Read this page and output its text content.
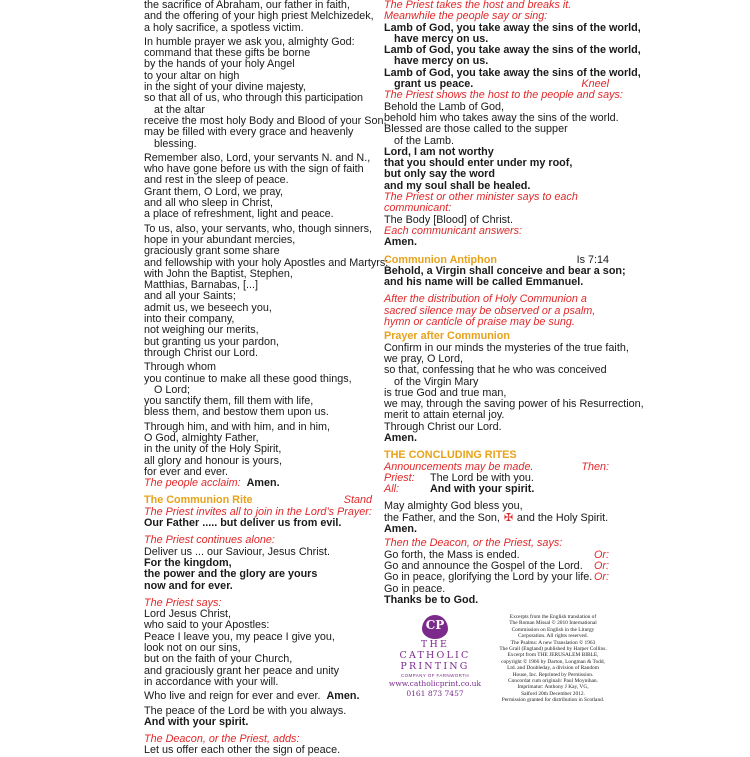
the sacrifice of Abraham, our father in faith,
and the offering of your high priest Melchizedek,
a holy sacrifice, a spotless victim.
In humble prayer we ask you, almighty God:
command that these gifts be borne
by the hands of your holy Angel
to your altar on high
in the sight of your divine majesty,
so that all of us, who through this participation
at the altar
receive the most holy Body and Blood of your Son,
may be filled with every grace and heavenly
blessing.
Remember also, Lord, your servants N. and N.,
who have gone before us with the sign of faith
and rest in the sleep of peace.
Grant them, O Lord, we pray,
and all who sleep in Christ,
a place of refreshment, light and peace.
To us, also, your servants, who, though sinners,
hope in your abundant mercies,
graciously grant some share
and fellowship with your holy Apostles and Martyrs:
with John the Baptist, Stephen,
Matthias, Barnabas, [...]
and all your Saints;
admit us, we beseech you,
into their company,
not weighing our merits,
but granting us your pardon,
through Christ our Lord.
Through whom
you continue to make all these good things,
O Lord;
you sanctify them, fill them with life,
bless them, and bestow them upon us.
Through him, and with him, and in him,
O God, almighty Father,
in the unity of the Holy Spirit,
all glory and honour is yours,
for ever and ever.
The people acclaim: Amen.
The Communion Rite	Stand
The Priest invites all to join in the Lord’s Prayer:
Our Father ..... but deliver us from evil.
The Priest continues alone:
Deliver us ... our Saviour, Jesus Christ.
For the kingdom,
the power and the glory are yours
now and for ever.
The Priest says:
Lord Jesus Christ,
who said to your Apostles:
Peace I leave you, my peace I give you,
look not on our sins,
but on the faith of your Church,
and graciously grant her peace and unity
in accordance with your will.
Who live and reign for ever and ever. Amen.
The peace of the Lord be with you always.
And with your spirit.
The Deacon, or the Priest, adds:
Let us offer each other the sign of peace.
The Priest takes the host and breaks it.
Meanwhile the people say or sing:
Lamb of God, you take away the sins of the world,
have mercy on us.
Lamb of God, you take away the sins of the world,
have mercy on us.
Lamb of God, you take away the sins of the world,
grant us peace.	Kneel
The Priest shows the host to the people and says:
Behold the Lamb of God,
behold him who takes away the sins of the world.
Blessed are those called to the supper
of the Lamb.
Lord, I am not worthy
that you should enter under my roof,
but only say the word
and my soul shall be healed.
The Priest or other minister says to each
communicant:
The Body [Blood] of Christ.
Each communicant answers:
Amen.
Communion Antiphon	Is 7:14
Behold, a Virgin shall conceive and bear a son;
and his name will be called Emmanuel.
After the distribution of Holy Communion a
sacred silence may be observed or a psalm,
hymn or canticle of praise may be sung.
Prayer after Communion
Confirm in our minds the mysteries of the true faith,
we pray, O Lord,
so that, confessing that he who was conceived
of the Virgin Mary
is true God and true man,
we may, through the saving power of his Resurrection,
merit to attain eternal joy.
Through Christ our Lord.
Amen.
THE CONCLUDING RITES
Announcements may be made.	Then:
Priest:	The Lord be with you.
All:	And with your spirit.
May almighty God bless you,
the Father, and the Son, ✠ and the Holy Spirit.
Amen.
Then the Deacon, or the Priest, says:
Go forth, the Mass is ended.	Or:
Go and announce the Gospel of the Lord. Or:
Go in peace, glorifying the Lord by your life. Or:
Go in peace.
Thanks be to God.
CP
THE
CATHOLIC
PRINTING
COMPANY OF FARNWORTH
www.catholicprint.co.uk
0161 873 7457
Excerpts from the English translation of
The Roman Missal © 2010 International
Commission on English in the Liturgy
Corporation. All rights reserved.
The Psalms: A new Translation © 1963
The Grail (England) published by Harper Collins.
Excerpt from THE JERUSALEM BIBLE,
copyright © 1966 by Darton, Longman & Todd,
Ltd. and Doubleday, a division of Random
House, Inc. Reprinted by Permission.
Concordat cum originali: Paul Moynihan.
Imprimatur: Anthony J Kay, VG,
Salford 20th December 2012.
Permission granted for distribution in Scotland.
